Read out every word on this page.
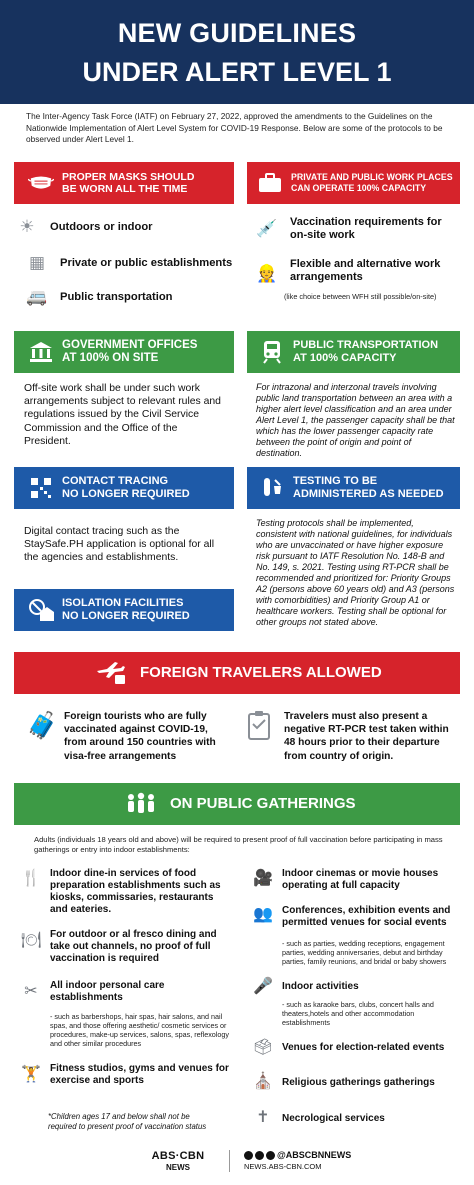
NEW GUIDELINES
UNDER ALERT LEVEL 1
The Inter-Agency Task Force (IATF) on February 27, 2022, approved the amendments to the Guidelines on the Nationwide Implementation of Alert Level System for COVID-19 Response. Below are some of the protocols to be observed under Alert Level 1.
PROPER MASKS SHOULD
BE WORN ALL THE TIME
☀	Outdoors or indoor
▦	Private or public establishments
🚐 Public transportation
PRIVATE AND PUBLIC WORK PLACES
CAN OPERATE 100% CAPACITY
💉 Vaccination requirements for
on-site work
👷 Flexible and alternative work
arrangements
(like choice between WFH still possible/on-site)
GOVERNMENT OFFICES
AT 100% ON SITE
Off-site work shall be under such work arrangements subject to relevant rules and regulations issued by the Civil Service Commission and the Office of the President.
PUBLIC TRANSPORTATION
AT 100% CAPACITY
For intrazonal and interzonal travels involving public land transportation between an area with a higher alert level classification and an area under Alert Level 1, the passenger capacity shall be that which has the lower passenger capacity rate between the point of origin and point of destination.
CONTACT TRACING
NO LONGER REQUIRED
Digital contact tracing such as the StaySafe.PH application is optional for all the agencies and establishments.
TESTING TO BE
ADMINISTERED AS NEEDED
Testing protocols shall be implemented, consistent with national guidelines, for individuals who are unvaccinated or have higher exposure risk pursuant to IATF Resolution No. 148-B and No. 149, s. 2021. Testing using RT-PCR shall be recommended and prioritized for: Priority Groups A2 (persons above 60 years old) and A3 (persons with comorbidities) and Priority Group A1 or healthcare workers. Testing shall be optional for other groups not stated above.
ISOLATION FACILITIES
NO LONGER REQUIRED
FOREIGN TRAVELERS ALLOWED
🧳 Foreign tourists who are fully vaccinated against COVID-19, from around 150 countries with visa-free arrangements
Travelers must also present a negative RT-PCR test taken within 48 hours prior to their departure from country of origin.
ON PUBLIC GATHERINGS
Adults (individuals 18 years old and above) will be required to present proof of full vaccination before participating in mass gatherings or entry into indoor establishments:
🍴 Indoor dine-in services of food preparation establishments such as kiosks, commissaries, restaurants and eateries.
🍽 For outdoor or al fresco dining and take out channels, no proof of full vaccination is required
✂	All indoor personal care establishments
- such as barbershops, hair spas, hair salons, and nail spas, and those offering aesthetic/ cosmetic services or procedures, make-up services, salons, spas, reflexology and other similar procedures
🏋 Fitness studios, gyms and venues for exercise and sports
*Children ages 17 and below shall not be required to present proof of vaccination status
🎥 Indoor cinemas or movie houses operating at full capacity
👥 Conferences, exhibition events and permitted venues for social events
- such as parties, wedding receptions, engagement parties, wedding anniversaries, debut and birthday parties, family reunions, and bridal or baby showers
🎤 Indoor activities
- such as karaoke bars, clubs, concert halls and theaters,hotels and other accommodation establishments
🗳 Venues for election-related events
⛪ Religious gatherings gatherings
✝	Necrological services
ABS·CBN
NEWS
@ABSCBNNEWS
NEWS.ABS-CBN.COM
